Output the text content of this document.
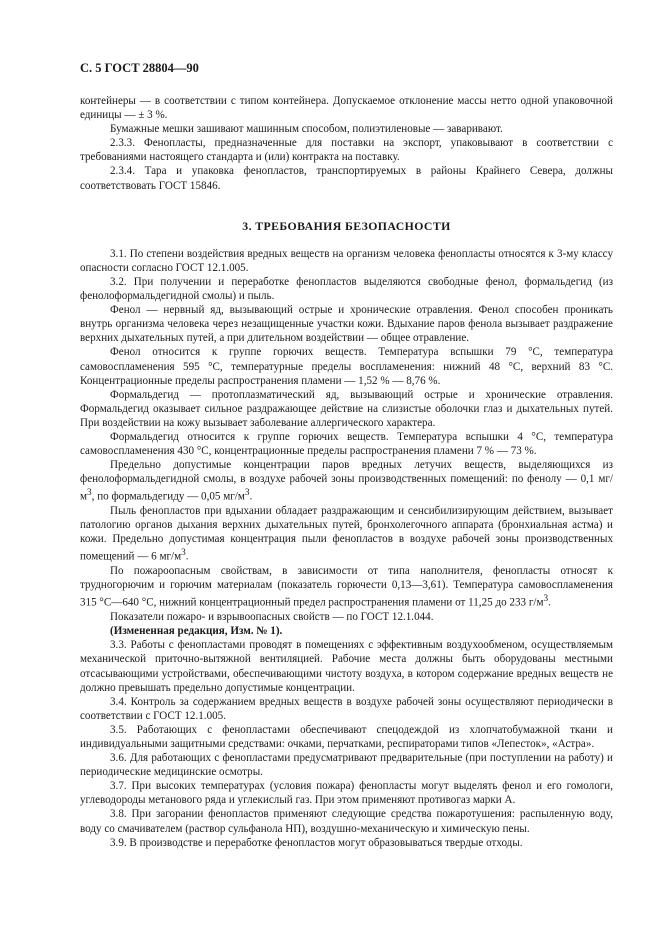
С. 5 ГОСТ 28804—90

контейнеры — в соответствии с типом контейнера. Допускаемое отклонение массы нетто одной упаковочной единицы — ± 3 %.

Бумажные мешки зашивают машинным способом, полиэтиленовые — заваривают.

2.3.3. Фенопласты, предназначенные для поставки на экспорт, упаковывают в соответствии с требованиями настоящего стандарта и (или) контракта на поставку.

2.3.4. Тара и упаковка фенопластов, транспортируемых в районы Крайнего Севера, должны соответствовать ГОСТ 15846.

3. ТРЕБОВАНИЯ БЕЗОПАСНОСТИ

3.1. По степени воздействия вредных веществ на организм человека фенопласты относятся к 3-му классу опасности согласно ГОСТ 12.1.005.

3.2. При получении и переработке фенопластов выделяются свободные фенол, формальдегид (из фенолоформальдегидной смолы) и пыль.

Фенол — нервный яд, вызывающий острые и хронические отравления. Фенол способен проникать внутрь организма человека через незащищенные участки кожи. Вдыхание паров фенола вызывает раздражение верхних дыхательных путей, а при длительном воздействии — общее отравление.

Фенол относится к группе горючих веществ. Температура вспышки 79 °С, температура самовоспламенения 595 °С, температурные пределы воспламенения: нижний 48 °С, верхний 83 °С. Концентрационные пределы распространения пламени — 1,52 % — 8,76 %.

Формальдегид — протоплазматический яд, вызывающий острые и хронические отравления. Формальдегид оказывает сильное раздражающее действие на слизистые оболочки глаз и дыхательных путей. При воздействии на кожу вызывает заболевание аллергического характера.

Формальдегид относится к группе горючих веществ. Температура вспышки 4 °С, температура самовоспламенения 430 °С, концентрационные пределы распространения пламени 7 % — 73 %.

Предельно допустимые концентрации паров вредных летучих веществ, выделяющихся из фенолоформальдегидной смолы, в воздухе рабочей зоны производственных помещений: по фенолу — 0,1 $мг/м^3$, по формальдегиду — 0,05 $мг/м^3$.

Пыль фенопластов при вдыхании обладает раздражающим и сенсибилизирующим действием, вызывает патологию органов дыхания верхних дыхательных путей, бронхолегочного аппарата (бронхиальная астма) и кожи. Предельно допустимая концентрация пыли фенопластов в воздухе рабочей зоны производственных помещений — 6 $мг/м^3$.

По пожароопасным свойствам, в зависимости от типа наполнителя, фенопласты относят к трудногорючим и горючим материалам (показатель горючести 0,13—3,61). Температура самовоспламенения 315 °С—640 °С, нижний концентрационный предел распространения пламени от 11,25 до 233 $г/м^3$.

Показатели пожаро- и взрывоопасных свойств — по ГОСТ 12.1.044.

(Измененная редакция, Изм. № 1).

3.3. Работы с фенопластами проводят в помещениях с эффективным воздухообменом, осуществляемым механической приточно-вытяжной вентиляцией. Рабочие места должны быть оборудованы местными отсасывающими устройствами, обеспечивающими чистоту воздуха, в котором содержание вредных веществ не должно превышать предельно допустимые концентрации.

3.4. Контроль за содержанием вредных веществ в воздухе рабочей зоны осуществляют периодически в соответствии с ГОСТ 12.1.005.

3.5. Работающих с фенопластами обеспечивают спецодеждой из хлопчатобумажной ткани и индивидуальными защитными средствами: очками, перчатками, респираторами типов «Лепесток», «Астра».

3.6. Для работающих с фенопластами предусматривают предварительные (при поступлении на работу) и периодические медицинские осмотры.

3.7. При высоких температурах (условия пожара) фенопласты могут выделять фенол и его гомологи, углеводороды метанового ряда и углекислый газ. При этом применяют противогаз марки А.

3.8. При загорании фенопластов применяют следующие средства пожаротушения: распыленную воду, воду со смачивателем (раствор сульфанола НП), воздушно-механическую и химическую пены.

3.9. В производстве и переработке фенопластов могут образовываться твердые отходы.
